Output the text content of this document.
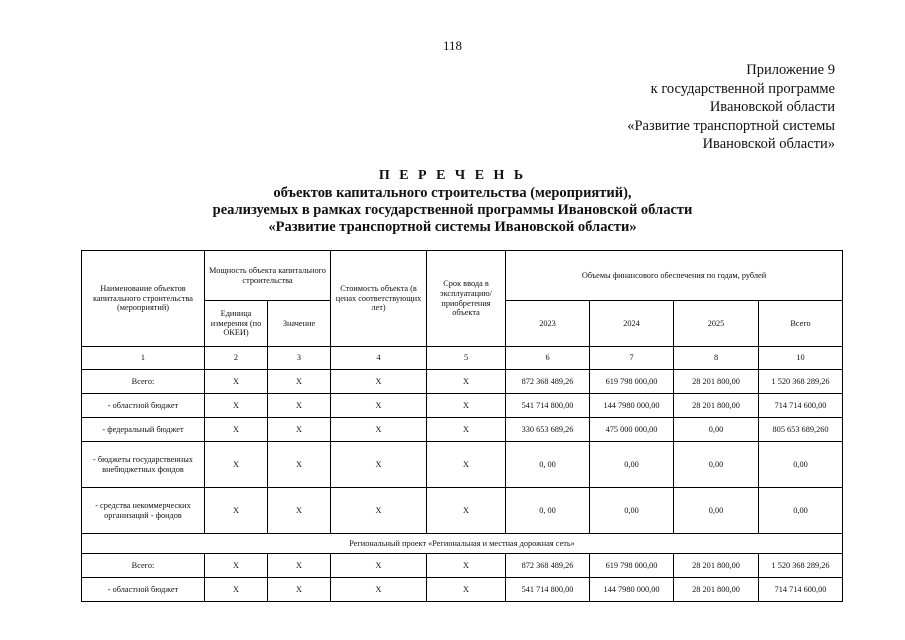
118
Приложение 9
к государственной программе
Ивановской области
«Развитие транспортной системы
Ивановской области»
П Е Р Е Ч Е Н Ь
объектов капитального строительства (мероприятий),
реализуемых в рамках государственной программы Ивановской области
«Развитие транспортной системы Ивановской области»
Наименование объектов капитального строительства (мероприятий)	Мощность объекта капитального строительства		Стоимость объекта (в ценах соответствующих лет)	Срок ввода в эксплуатацию/ приобретения объекта	Объемы финансового обеспечения по годам, рублей			
	Единица измерения (по ОКЕИ)	Значение			2023	2024	2025	Всего
1	2	3	4	5	6	7	8	10
Всего:	Х	Х	Х	Х	872 368 489,26	619 798 000,00	28 201 800,00	1 520 368 289,26
- областной бюджет	Х	Х	Х	Х	541 714 800,00	144 7980 000,00	28 201 800,00	714 714 600,00
- федеральный бюджет	Х	Х	Х	Х	330 653 689,26	475 000 000,00	0,00	805 653 689,260
- бюджеты государственных внебюджетных фондов	Х	Х	Х	Х	0, 00	0,00	0,00	0,00
- средства некоммерческих организаций - фондов	Х	Х	Х	Х	0, 00	0,00	0,00	0,00
Региональный проект «Региональная и местная дорожная сеть»								
Всего:	Х	Х	Х	Х	872 368 489,26	619 798 000,00	28 201 800,00	1 520 368 289,26
- областной бюджет	Х	Х	Х	Х	541 714 800,00	144 7980 000,00	28 201 800,00	714 714 600,00
